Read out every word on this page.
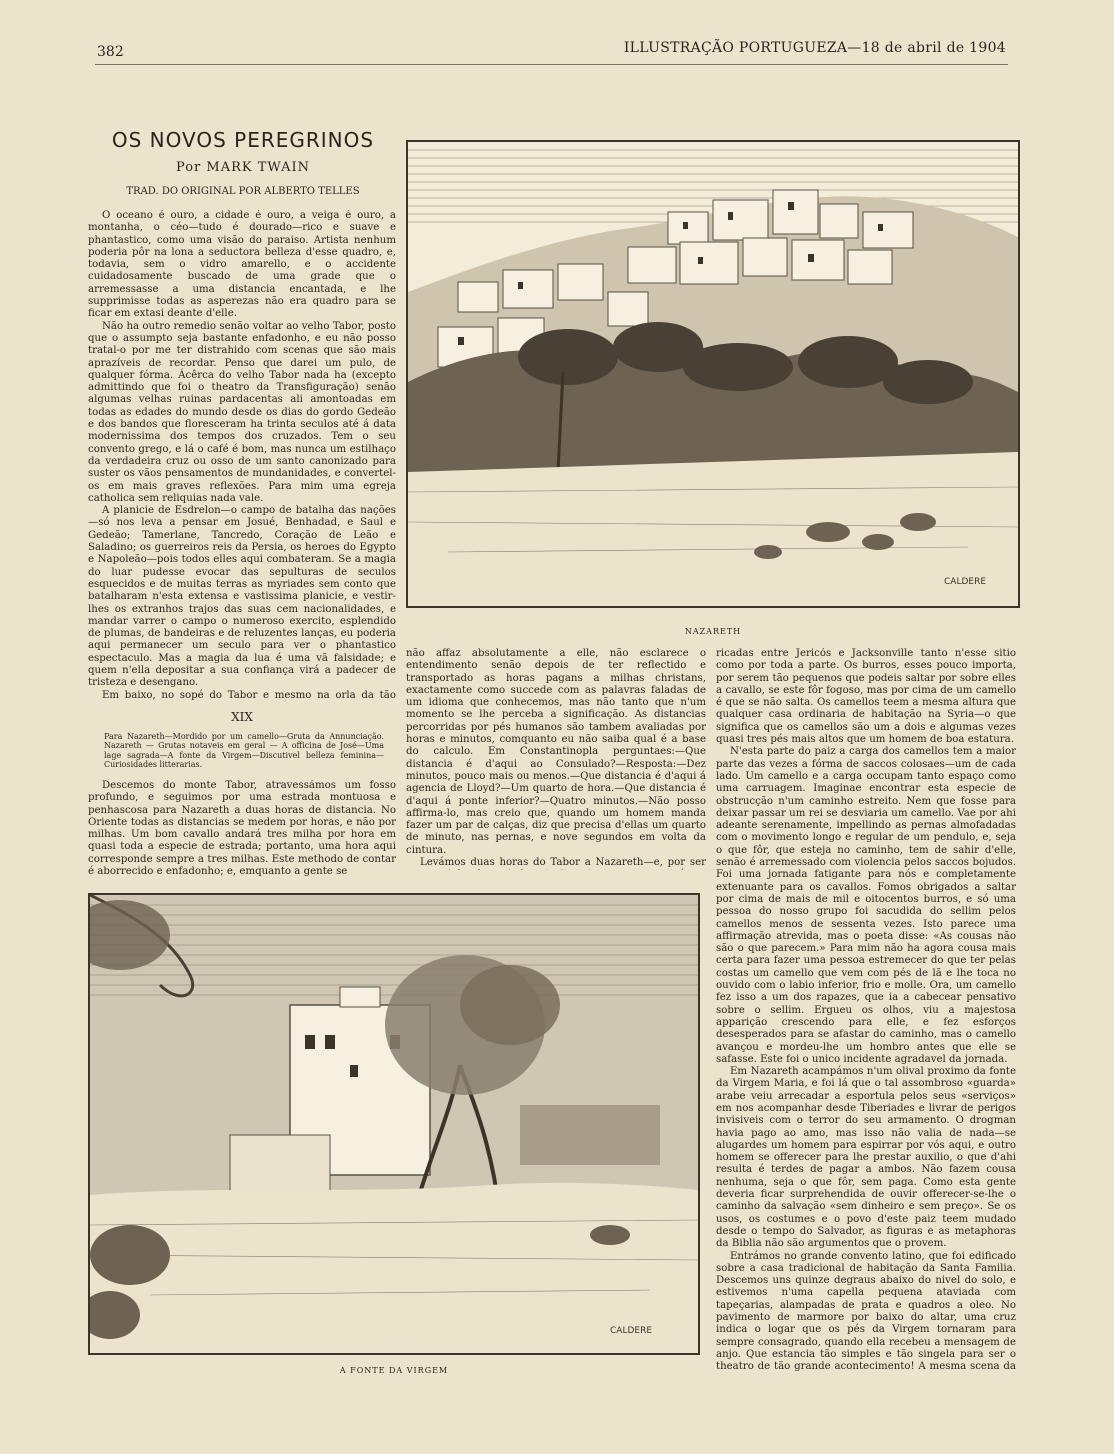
382	ILLUSTRAÇÃO PORTUGUEZA—18 de abril de 1904
OS NOVOS PEREGRINOS
Por MARK TWAIN
TRAD. DO ORIGINAL POR ALBERTO TELLES

O oceano é ouro, a cidade é ouro, a veiga é ouro, a montanha, o céo—tudo é dourado—rico e suave e phantastico, como uma visão do paraiso. Artista nenhum poderia pôr na lona a seductora belleza d'esse quadro, e, todavia, sem o vidro amarello, e o accidente cuidadosamente buscado de uma grade que o arremessasse a uma distancia encantada, e lhe supprimisse todas as asperezas não era quadro para se ficar em extasi deante d'elle.

Não ha outro remedio senão voltar ao velho Tabor, posto que o assumpto seja bastante enfadonho, e eu não posso tratal-o por me ter distrahido com scenas que são mais aprazíveis de recordar. Penso que darei um pulo, de qualquer fórma. Ácêrca do velho Tabor nada ha (excepto admittindo que foi o theatro da Transfiguração) senão algumas velhas ruinas pardacentas ali amontoadas em todas as edades do mundo desde os dias do gordo Gedeão e dos bandos que floresceram ha trinta seculos até á data modernissima dos tempos dos cruzados. Tem o seu convento grego, e lá o café é bom, mas nunca um estilhaço da verdadeira cruz ou osso de um santo canonizado para suster os vãos pensamentos de mundanidades, e convertel-os em mais graves reflexões. Para mim uma egreja catholica sem reliquias nada vale.

A planicie de Esdrelon—o campo de batalha das nações—só nos leva a pensar em Josué, Benhadad, e Saul e Gedeão; Tamerlane, Tancredo, Coração de Leão e Saladino; os guerreiros reis da Persia, os heroes do Egypto e Napoleão—pois todos elles aqui combateram. Se a magia do luar pudesse evocar das sepulturas de seculos esquecidos e de muitas terras as myriades sem conto que batalharam n'esta extensa e vastissima planicie, e vestir-lhes os extranhos trajos das suas cem nacionalidades, e mandar varrer o campo o numeroso exercito, esplendido de plumas, de bandeiras e de reluzentes lanças, eu poderia aqui permanecer um seculo para ver o phantastico espectaculo. Mas a magia da lua é uma vã falsidade; e quem n'ella depositar a sua confiança virá a padecer de tristeza e desengano.

Em baixo, no sopé do Tabor e mesmo na orla da tão

XIX
Para Nazareth—Mordido por um camello—Gruta da Annunciação. Nazareth — Grutas notaveis em geral — A officina de José—Uma lage sagrada—A fonte da Virgem—Discutivel belleza feminina—Curiosidades litterarias.

Descemos do monte Tabor, atravessámos um fosso profundo, e seguimos por uma estrada montuosa e penhascosa para Nazareth a duas horas de distancia. No Oriente todas as distancias se medem por horas, e não por milhas. Um bom cavallo andará tres milha por hora em quasi toda a especie de estrada; portanto, uma hora aqui corresponde sempre a tres milhas. Este methodo de contar é aborrecido e enfadonho; e, emquanto a gente se

não affaz absolutamente a elle, não esclarece o entendimento senão depois de ter reflectido e transportado as horas pagans a milhas christans, exactamente como succede com as palavras faladas de um idioma que conhecemos, mas não tanto que n'um momento se lhe perceba a significação. As distancias percorridas por pés humanos são tambem avaliadas por horas e minutos, comquanto eu não saiba qual é a base do calculo. Em Constantinopla perguntaes:—Que distancia é d'aqui ao Consulado?—Resposta:—Dez minutos, pouco mais ou menos.—Que distancia é d'aqui á agencia de Lloyd?—Um quarto de hora.—Que distancia é d'aqui á ponte inferior?—Quatro minutos.—Não posso affirma-lo, mas creio que, quando um homem manda fazer um par de calças, diz que precisa d'ellas um quarto de minuto, nas pernas, e nove segundos em volta da cintura.

Levámos duas horas do Tabor a Nazareth—e, por ser

ricadas entre Jericós e Jacksonville tanto n'esse sitio como por toda a parte. Os burros, esses pouco importa, por serem tão pequenos que podeis saltar por sobre elles a cavallo, se este fôr fogoso, mas por cima de um camello é que se não salta. Os camellos teem a mesma altura que qualquer casa ordinaria de habitação na Syria—o que significa que os camellos são um a dois e algumas vezes quasi tres pés mais altos que um homem de boa estatura.

N'esta parte do paiz a carga dos camellos tem a maior parte das vezes a fórma de saccos colosaes—um de cada lado. Um camello e a carga occupam tanto espaço como uma carruagem. Imaginae encontrar esta especie de obstrucção n'um caminho estreito. Nem que fosse para deixar passar um rei se desviaria um camello. Vae por ahi adeante serenamente, impellindo as pernas almofadadas com o movimento longo e regular de um pendulo, e, seja o que fôr, que esteja no caminho, tem de sahir d'elle, senão é arremessado com violencia pelos saccos bojudos. Foi uma jornada fatigante para nós e completamente extenuante para os cavallos. Fomos obrigados a saltar por cima de mais de mil e oitocentos burros, e só uma pessoa do nosso grupo foi sacudida do sellim pelos camellos menos de sessenta vezes. Isto parece uma affirmação atrevida, mas o poeta disse: «As cousas não são o que parecem.» Para mim não ha agora cousa mais certa para fazer uma pessoa estremecer do que ter pelas costas um camello que vem com pés de lã e lhe toca no ouvido com o labio inferior, frio e molle. Ora, um camello fez isso a um dos rapazes, que ia a cabecear pensativo sobre o sellim. Ergueu os olhos, viu a majestosa apparição crescendo para elle, e fez esforços desesperados para se afastar do caminho, mas o camello avançou e mordeu-lhe um hombro antes que elle se safasse. Este foi o unico incidente agradavel da jornada.

Em Nazareth acampámos n'um olival proximo da fonte da Virgem Maria, e foi lá que o tal assombroso «guarda» arabe veiu arrecadar a esportula pelos seus «serviços» em nos acompanhar desde Tiberiades e livrar de perigos invisiveis com o terror do seu armamento. O drogman havia pago ao amo, mas isso não valia de nada—se alugardes um homem para espirrar por vós aqui, e outro homem se offerecer para lhe prestar auxilio, o que d'ahi resulta é terdes de pagar a ambos. Não fazem cousa nenhuma, seja o que fôr, sem paga. Como esta gente deveria ficar surprehendida de ouvir offerecer-se-lhe o caminho da salvação «sem dinheiro e sem preço». Se os usos, os costumes e o povo d'este paiz teem mudado desde o tempo do Salvador, as figuras e as metaphoras da Biblia não são argumentos que o provem.

Entrámos no grande convento latino, que foi edificado sobre a casa tradicional de habitação da Santa Familia. Descemos uns quinze degraus abaixo do nivel do solo, e estivemos n'uma capella pequena ataviada com tapeçarias, alampadas de prata e quadros a oleo. No pavimento de marmore por baixo do altar, uma cruz indica o logar que os pés da Virgem tornaram para sempre consagrado, quando ella recebeu a mensagem de anjo. Que estancia tão simples e tão singela para ser o theatro de tão grande acontecimento! A mesma scena da

CALDERE
NAZARETH
CALDERE
A FONTE DA VIRGEM
